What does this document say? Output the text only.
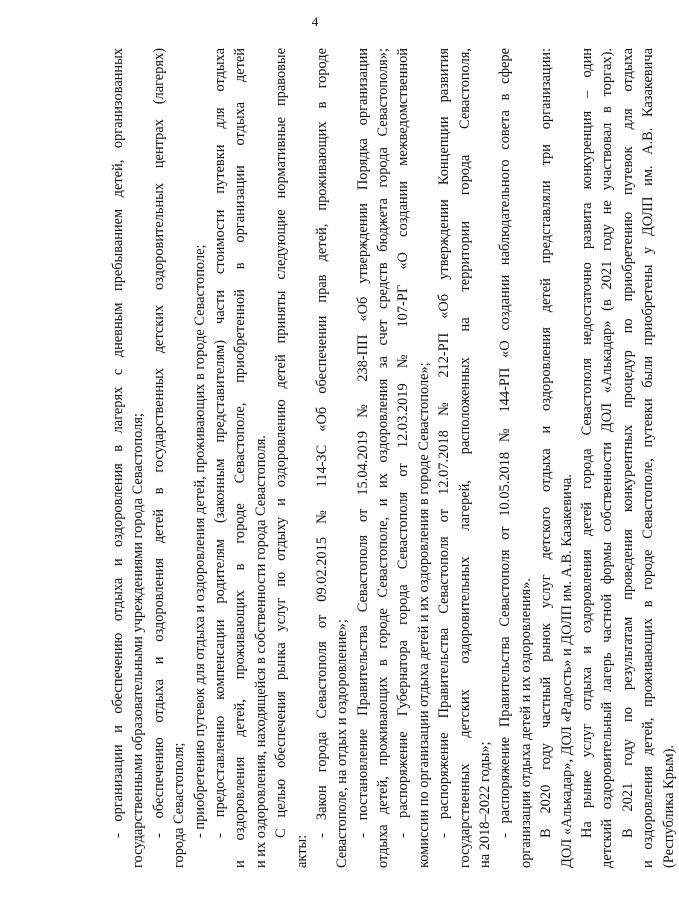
4
- организации и обеспечению отдыха и оздоровления в лагерях с дневным пребыванием детей, организованных государственными образовательными учреждениями города Севастополя; - обеспечению отдыха и оздоровления детей в государственных детских оздоровительных центрах (лагерях) города Севастополя; - приобретению путевок для отдыха и оздоровления детей, проживающих в городе Севастополе; - предоставлению компенсации родителям (законным представителям) части стоимости путевки для отдыха и оздоровления детей, проживающих в городе Севастополе, приобретенной в организации отдыха детей и их оздоровления, находящейся в собственности города Севастополя. С целью обеспечения рынка услуг по отдыху и оздоровлению детей приняты следующие нормативные правовые
акты:
- Закон города Севастополя от 09.02.2015 № 114-ЗС «Об обеспечении прав детей, проживающих в городе Севастополе, на отдых и оздоровление»; - постановление Правительства Севастополя от 15.04.2019 № 238-ПП «Об утверждении Порядка организации отдыха детей, проживающих в городе Севастополе, и их оздоровления за счет средств бюджета города Севастополя»; - распоряжение Губернатора города Севастополя от 12.03.2019 № 107-РГ «О создании межведомственной комиссии по организации отдыха детей и их оздоровления в городе Севастополе»; - распоряжение Правительства Севастополя от 12.07.2018 № 212-РП «Об утверждении Концепции развития государственных детских оздоровительных лагерей, расположенных на территории города Севастополя, на 2018–2022 годы»; - распоряжение Правительства Севастополя от 10.05.2018 № 144-РП «О создании наблюдательного совета в сфере организации отдыха детей и их оздоровления». В 2020 году частный рынок услуг детского отдыха и оздоровления детей представляли три организации: ДОЛ «Алькадар», ДОЛ «Радость» и ДОЛП им. А.В. Казакевича. На рынке услуг отдыха и оздоровления детей города Севастополя недостаточно развита конкуренция – один детский оздоровительный лагерь частной формы собственности ДОЛ «Алькадар» (в 2021 году не участвовал в торгах). В 2021 году по результатам проведения конкурентных процедур по приобретению путевок для отдыха и оздоровления детей, проживающих в городе Севастополе, путевки были приобретены у ДОЛП им. А.В. Казакевича (Республика Крым).
